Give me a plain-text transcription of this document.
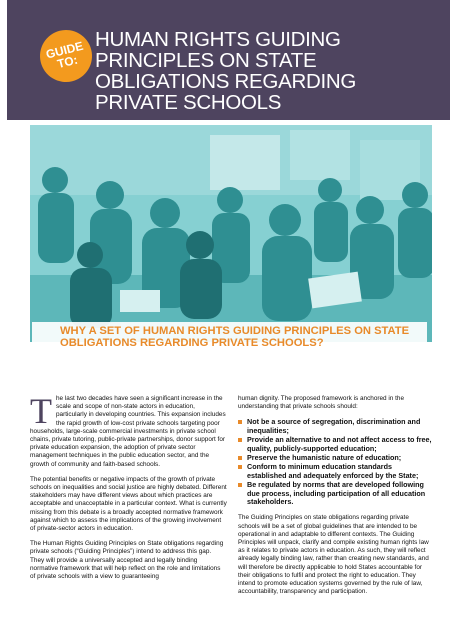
GUIDE TO:
HUMAN RIGHTS GUIDING PRINCIPLES ON STATE OBLIGATIONS REGARDING PRIVATE SCHOOLS
WHY A SET OF HUMAN RIGHTS GUIDING PRINCIPLES ON STATE OBLIGATIONS REGARDING PRIVATE SCHOOLS?

T he last two decades have seen a significant increase in the scale and scope of non-state actors in education, particularly in developing countries. This expansion includes the rapid growth of low-cost private schools targeting poor households, large-scale commercial investments in private school chains, private tutoring, public-private partnerships, donor support for private education expansion, the adoption of private sector management techniques in the public education sector, and the growth of community and faith-based schools.

The potential benefits or negative impacts of the growth of private schools on inequalities and social justice are highly debated. Different stakeholders may have different views about which practices are acceptable and unacceptable in a particular context. What is currently missing from this debate is a broadly accepted normative framework against which to assess the implications of the growing involvement of private-sector actors in education.

The Human Rights Guiding Principles on State obligations regarding private schools (“Guiding Principles”) intend to address this gap. They will provide a universally accepted and legally binding normative framework that will help reflect on the role and limitations of private schools with a view to guaranteeing

human dignity. The proposed framework is anchored in the understanding that private schools should:

Not be a source of segregation, discrimination and inequalities;
Provide an alternative to and not affect access to free, quality, publicly-supported education;
Preserve the humanistic nature of education;
Conform to minimum education standards established and adequately enforced by the State;
Be regulated by norms that are developed following due process, including participation of all education stakeholders.

The Guiding Principles on state obligations regarding private schools will be a set of global guidelines that are intended to be operational in and adaptable to different contexts. The Guiding Principles will unpack, clarify and compile existing human rights law as it relates to private actors in education. As such, they will reflect already legally binding law, rather than creating new standards, and will therefore be directly applicable to hold States accountable for their obligations to fulfil and protect the right to education. They intend to promote education systems governed by the rule of law, accountability, transparency and participation.
